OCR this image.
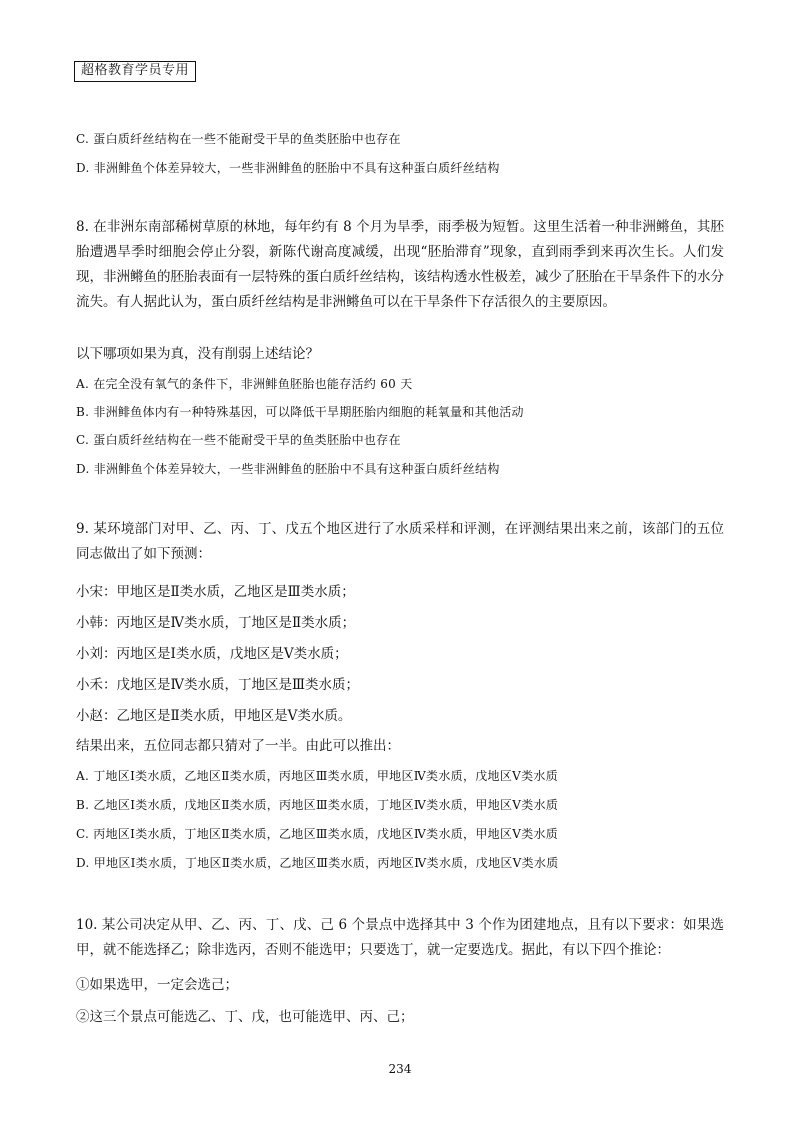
超格教育学员专用
C. 蛋白质纤丝结构在一些不能耐受干旱的鱼类胚胎中也存在
D. 非洲鲱鱼个体差异较大，一些非洲鲱鱼的胚胎中不具有这种蛋白质纤丝结构
8. 在非洲东南部稀树草原的林地，每年约有 8 个月为旱季，雨季极为短暂。这里生活着一种非洲鳉鱼，其胚胎遭遇旱季时细胞会停止分裂，新陈代谢高度减缓，出现“胚胎滞育”现象，直到雨季到来再次生长。人们发现，非洲鳉鱼的胚胎表面有一层特殊的蛋白质纤丝结构，该结构透水性极差，减少了胚胎在干旱条件下的水分流失。有人据此认为，蛋白质纤丝结构是非洲鳉鱼可以在干旱条件下存活很久的主要原因。
以下哪项如果为真，没有削弱上述结论？
A. 在完全没有氧气的条件下，非洲鲱鱼胚胎也能存活约 60 天
B. 非洲鲱鱼体内有一种特殊基因，可以降低干旱期胚胎内细胞的耗氧量和其他活动
C. 蛋白质纤丝结构在一些不能耐受干旱的鱼类胚胎中也存在
D. 非洲鲱鱼个体差异较大，一些非洲鲱鱼的胚胎中不具有这种蛋白质纤丝结构
9. 某环境部门对甲、乙、丙、丁、戊五个地区进行了水质采样和评测，在评测结果出来之前，该部门的五位同志做出了如下预测：
小宋：甲地区是Ⅱ类水质，乙地区是Ⅲ类水质；
小韩：丙地区是Ⅳ类水质，丁地区是Ⅱ类水质；
小刘：丙地区是Ⅰ类水质，戊地区是Ⅴ类水质；
小禾：戊地区是Ⅳ类水质，丁地区是Ⅲ类水质；
小赵：乙地区是Ⅱ类水质，甲地区是Ⅴ类水质。
结果出来，五位同志都只猜对了一半。由此可以推出：
A. 丁地区Ⅰ类水质，乙地区Ⅱ类水质，丙地区Ⅲ类水质，甲地区Ⅳ类水质，戊地区Ⅴ类水质
B. 乙地区Ⅰ类水质，戊地区Ⅱ类水质，丙地区Ⅲ类水质，丁地区Ⅳ类水质，甲地区Ⅴ类水质
C. 丙地区Ⅰ类水质，丁地区Ⅱ类水质，乙地区Ⅲ类水质，戊地区Ⅳ类水质，甲地区Ⅴ类水质
D. 甲地区Ⅰ类水质，丁地区Ⅱ类水质，乙地区Ⅲ类水质，丙地区Ⅳ类水质，戊地区Ⅴ类水质
10. 某公司决定从甲、乙、丙、丁、戊、己 6 个景点中选择其中 3 个作为团建地点，且有以下要求：如果选甲，就不能选择乙；除非选丙，否则不能选甲；只要选丁，就一定要选戊。据此，有以下四个推论：
①如果选甲，一定会选己；
②这三个景点可能选乙、丁、戊，也可能选甲、丙、己；
234
